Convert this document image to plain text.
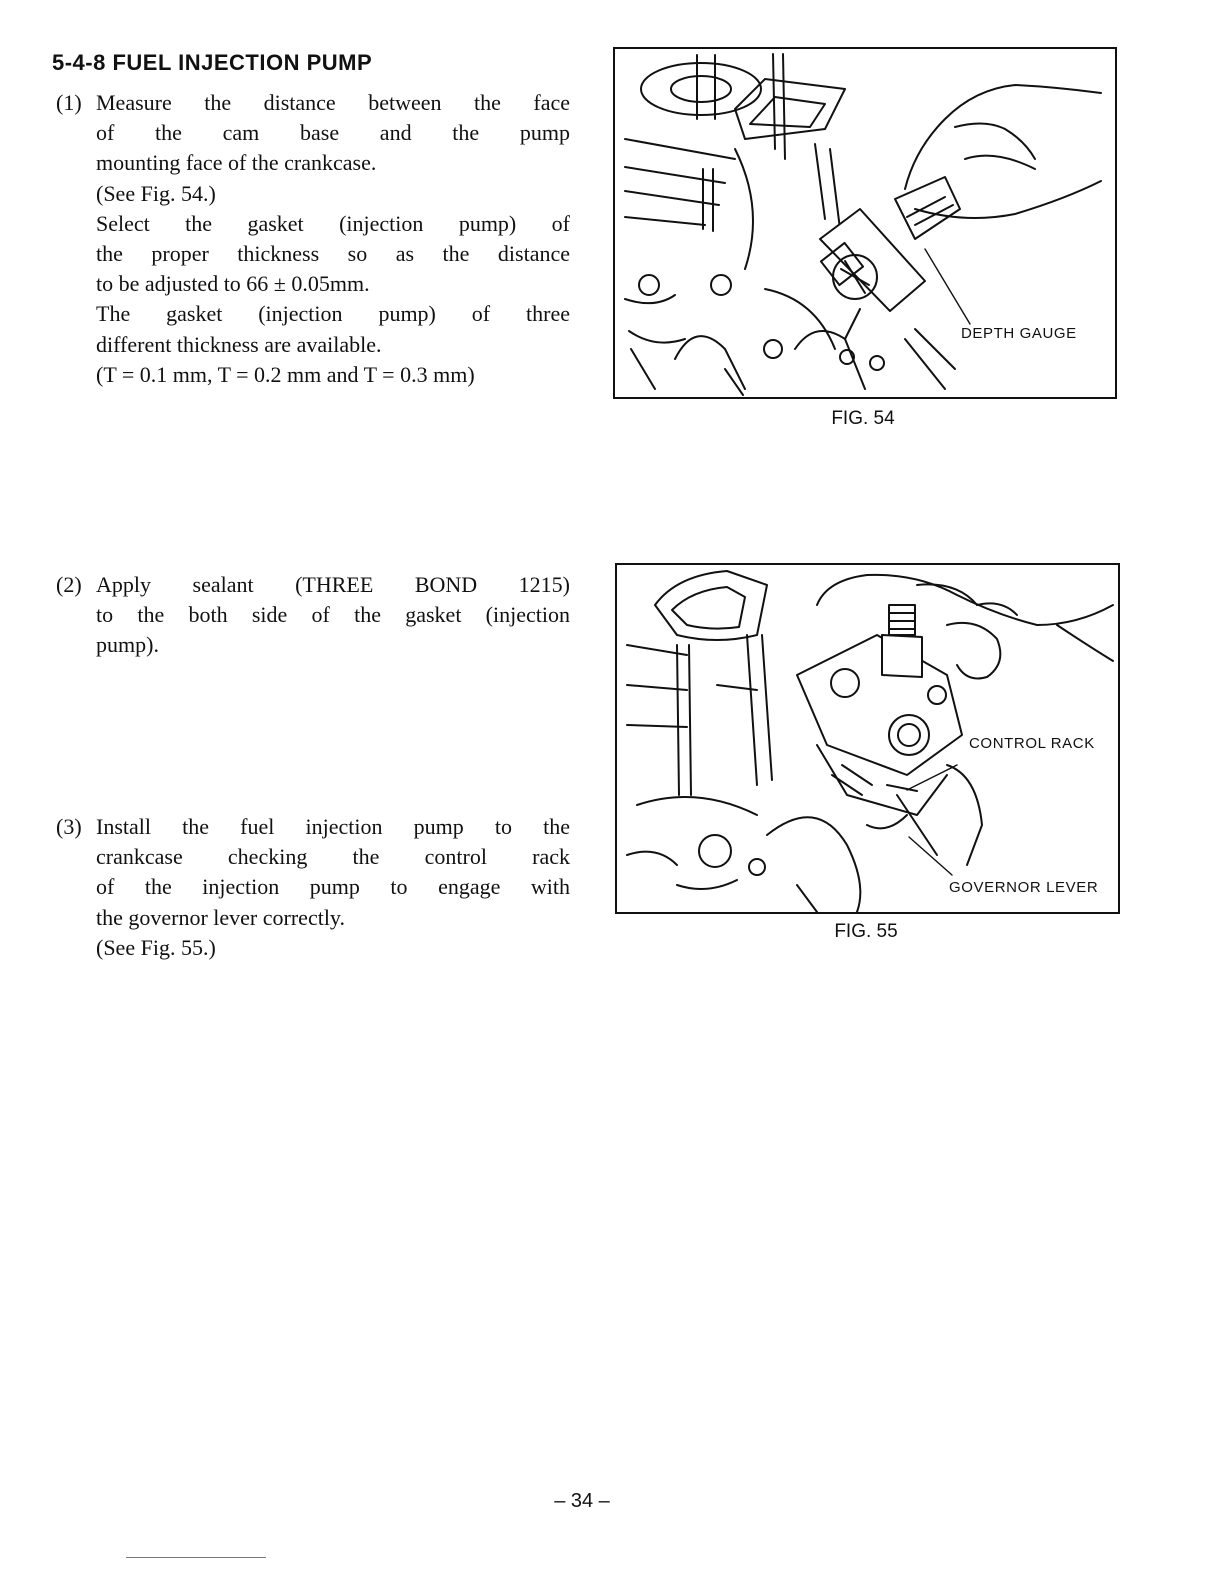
5-4-8 FUEL INJECTION PUMP
(1) Measure the distance between the face

of the cam base and the pump

mounting face of the crankcase.

(See Fig. 54.)

Select the gasket (injection pump) of

the proper thickness so as the distance

to be adjusted to 66 ± 0.05mm.

The gasket (injection pump) of three

different thickness are available.

(T = 0.1 mm, T = 0.2 mm and T = 0.3 mm)

(2) Apply sealant (THREE BOND 1215)

to the both side of the gasket (injection

pump).

(3) Install the fuel injection pump to the

crankcase checking the control rack

of the injection pump to engage with

the governor lever correctly.

(See Fig. 55.)

DEPTH GAUGE
FIG. 54
CONTROL RACK
GOVERNOR LEVER
FIG. 55
– 34 –
